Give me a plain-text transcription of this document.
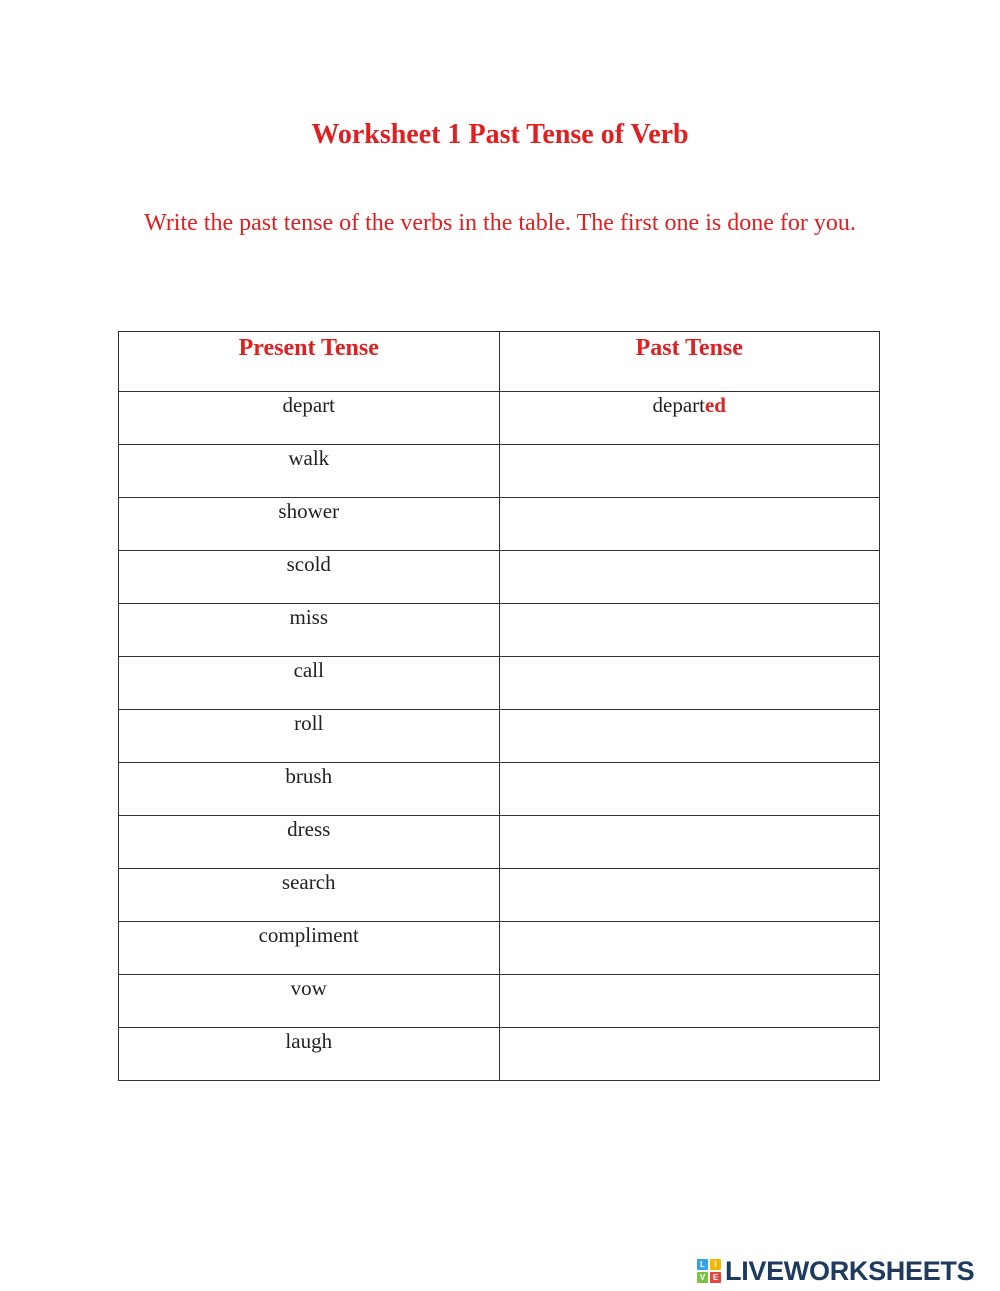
Worksheet 1 Past Tense of Verb
Write the past tense of the verbs in the table. The first one is done for you.
Present Tense	Past Tense
depart	departed
walk	
shower	
scold	
miss	
call	
roll	
brush	
dress	
search	
compliment	
vow	
laugh	
L	I
V E LIVEWORKSHEETS
